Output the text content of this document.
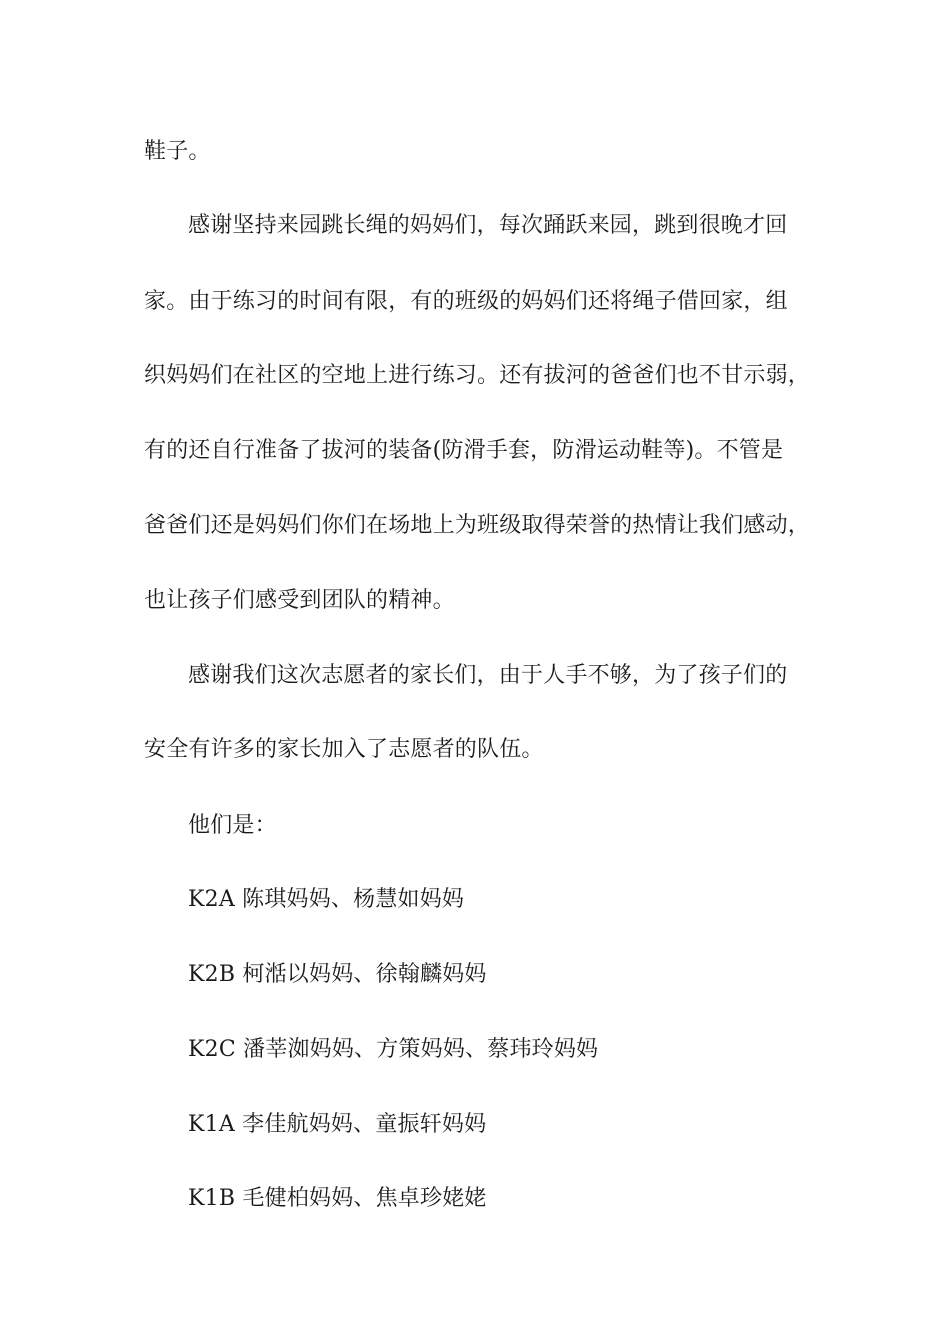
鞋子。
感谢坚持来园跳长绳的妈妈们，每次踊跃来园，跳到很晚才回
家。由于练习的时间有限，有的班级的妈妈们还将绳子借回家，组
织妈妈们在社区的空地上进行练习。还有拔河的爸爸们也不甘示弱，
有的还自行准备了拔河的装备(防滑手套，防滑运动鞋等)。不管是
爸爸们还是妈妈们你们在场地上为班级取得荣誉的热情让我们感动，
也让孩子们感受到团队的精神。
感谢我们这次志愿者的家长们，由于人手不够，为了孩子们的
安全有许多的家长加入了志愿者的队伍。
他们是：
K2A 陈琪妈妈、杨慧如妈妈
K2B 柯湉以妈妈、徐翰麟妈妈
K2C 潘莘洳妈妈、方策妈妈、蔡玮玲妈妈
K1A 李佳航妈妈、童振轩妈妈
K1B 毛健柏妈妈、焦卓珍姥姥
